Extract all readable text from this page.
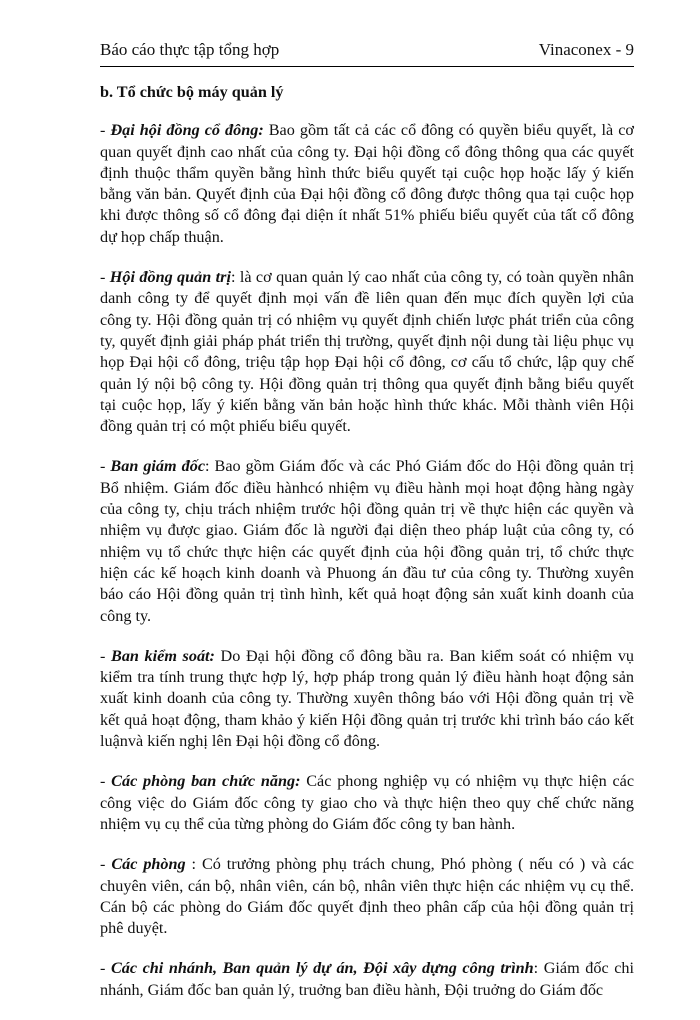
Báo cáo thực tập tổng hợp	Vinaconex - 9

b. Tổ chức bộ máy quản lý

- Đại hội đồng cổ đông: Bao gồm tất cả các cổ đông có quyền biểu quyết, là cơ quan quyết định cao nhất của công ty. Đại hội đồng cổ đông thông qua các quyết định thuộc thẩm quyền bằng hình thức biểu quyết tại cuộc họp hoặc lấy ý kiến bằng văn bản. Quyết định của Đại hội đồng cổ đông được thông qua tại cuộc họp khi được thông số cổ đông đại diện ít nhất 51% phiếu biểu quyết của tất cổ đông dự họp chấp thuận.

- Hội đồng quản trị: là cơ quan quản lý cao nhất của công ty, có toàn quyền nhân danh công ty để quyết định mọi vấn đề liên quan đến mục đích quyền lợi của công ty. Hội đồng quản trị có nhiệm vụ quyết định chiến lược phát triển của công ty, quyết định giải pháp phát triển thị trường, quyết định nội dung tài liệu phục vụ họp Đại hội cổ đông, triệu tập họp Đại hội cổ đông, cơ cấu tổ chức, lập quy chế quản lý nội bộ công ty. Hội đồng quản trị thông qua quyết định bằng biểu quyết tại cuộc họp, lấy ý kiến bằng văn bản hoặc hình thức khác. Mỗi thành viên Hội đồng quản trị có một phiếu biểu quyết.

- Ban giám đốc: Bao gồm Giám đốc và các Phó Giám đốc do Hội đồng quản trị Bổ nhiệm. Giám đốc điều hànhcó nhiệm vụ điều hành mọi hoạt động hàng ngày của công ty, chịu trách nhiệm trước hội đồng quản trị về thực hiện các quyền và nhiệm vụ được giao. Giám đốc là người đại diện theo pháp luật của công ty, có nhiệm vụ tổ chức thực hiện các quyết định của hội đồng quản trị, tổ chức thực hiện các kế hoạch kinh doanh và Phuong án đầu tư của công ty. Thường xuyên báo cáo Hội đồng quản trị tình hình, kết quả hoạt động sản xuất kinh doanh của công ty.

- Ban kiểm soát: Do Đại hội đồng cổ đông bầu ra. Ban kiểm soát có nhiệm vụ kiểm tra tính trung thực hợp lý, hợp pháp trong quản lý điều hành hoạt động sản xuất kinh doanh của công ty. Thường xuyên thông báo với Hội đồng quản trị về kết quả hoạt động, tham khảo ý kiến Hội đồng quản trị trước khi trình báo cáo kết luậnvà kiến nghị lên Đại hội đồng cổ đông.

- Các phòng ban chức năng: Các phong nghiệp vụ có nhiệm vụ thực hiện các công việc do Giám đốc công ty giao cho và thực hiện theo quy chế chức năng nhiệm vụ cụ thể của từng phòng do Giám đốc công ty ban hành.

- Các phòng : Có trưởng phòng phụ trách chung, Phó phòng ( nếu có ) và các chuyên viên, cán bộ, nhân viên, cán bộ, nhân viên thực hiện các nhiệm vụ cụ thể. Cán bộ các phòng do Giám đốc quyết định theo phân cấp của hội đồng quản trị phê duyệt.

- Các chi nhánh, Ban quản lý dự án, Đội xây dựng công trình: Giám đốc chi nhánh, Giám đốc ban quản lý, truởng ban điều hành, Đội truởng do Giám đốc
